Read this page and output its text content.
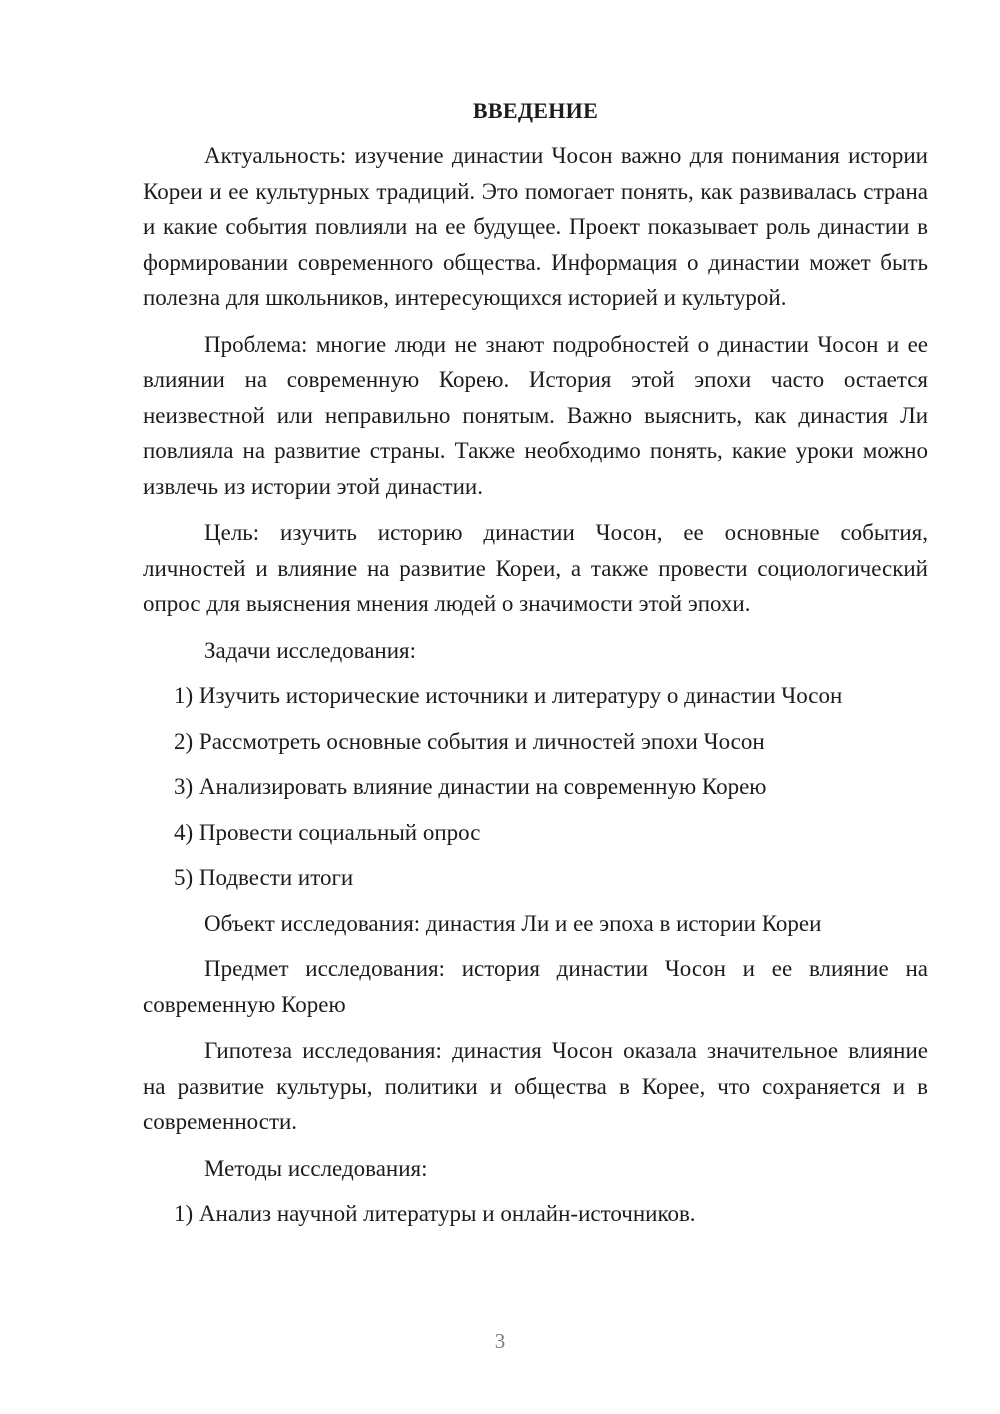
ВВЕДЕНИЕ

Актуальность: изучение династии Чосон важно для понимания истории Кореи и ее культурных традиций. Это помогает понять, как развивалась страна и какие события повлияли на ее будущее. Проект показывает роль династии в формировании современного общества. Информация о династии может быть полезна для школьников, интересующихся историей и культурой.

Проблема: многие люди не знают подробностей о династии Чосон и ее влиянии на современную Корею. История этой эпохи часто остается неизвестной или неправильно понятым. Важно выяснить, как династия Ли повлияла на развитие страны. Также необходимо понять, какие уроки можно извлечь из истории этой династии.

Цель: изучить историю династии Чосон, ее основные события, личностей и влияние на развитие Кореи, а также провести социологический опрос для выяснения мнения людей о значимости этой эпохи.

Задачи исследования:
1) Изучить исторические источники и литературу о династии Чосон
2) Рассмотреть основные события и личностей эпохи Чосон
3) Анализировать влияние династии на современную Корею
4) Провести социальный опрос
5) Подвести итоги
Объект исследования: династия Ли и ее эпоха в истории Кореи

Предмет исследования: история династии Чосон и ее влияние на современную Корею

Гипотеза исследования: династия Чосон оказала значительное влияние на развитие культуры, политики и общества в Корее, что сохраняется и в современности.

Методы исследования:
1) Анализ научной литературы и онлайн-источников.
3
